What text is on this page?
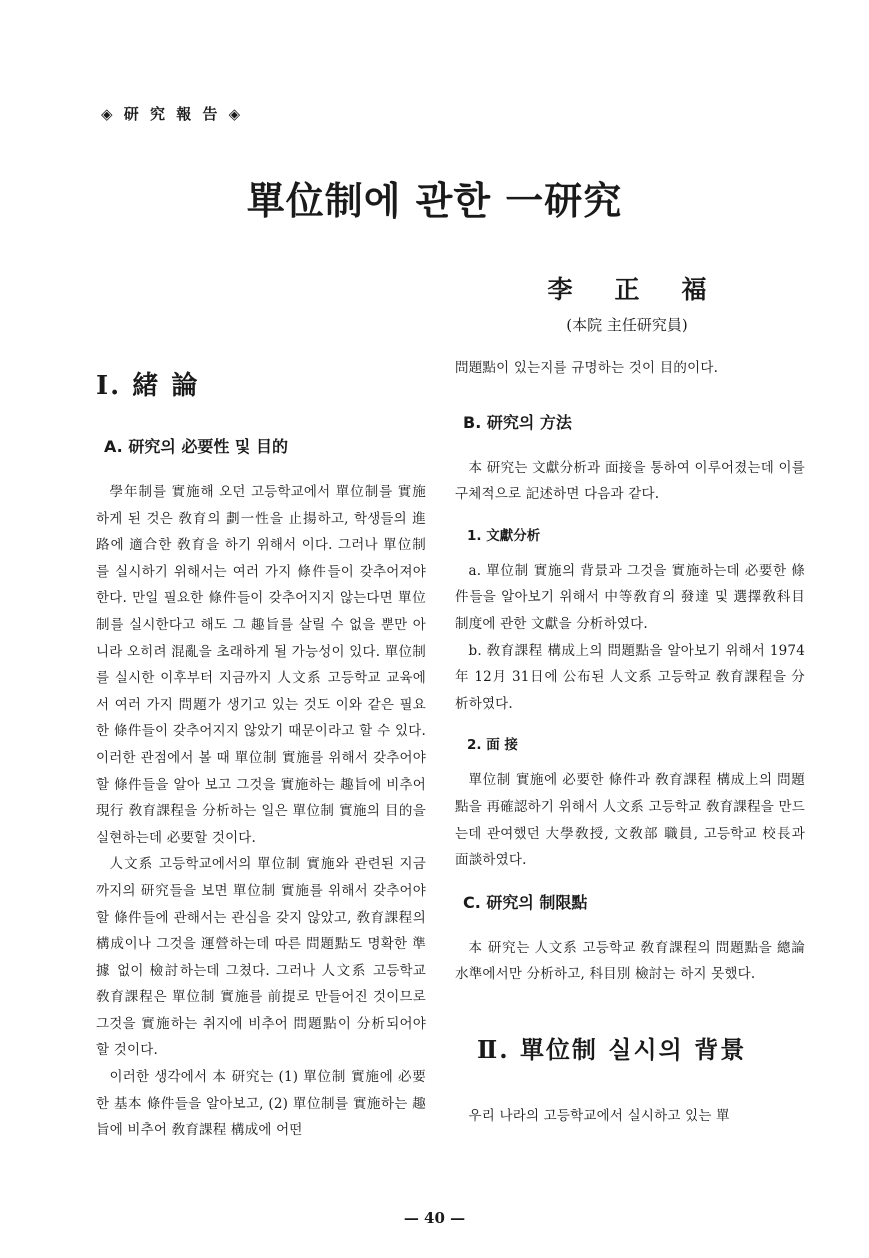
◈ 研 究 報 告 ◈
單位制에 관한 一研究
李正福
(本院 主任研究員)
Ⅰ. 緒 論
A. 研究의 必要性 및 目的

學年制를 實施해 오던 고등학교에서 單位制를 實施하게 된 것은 敎育의 劃一性을 止揚하고, 학생들의 進路에 適合한 敎育을 하기 위해서 이다. 그러나 單位制를 실시하기 위해서는 여러 가지 條件들이 갖추어져야 한다. 만일 필요한 條件들이 갖추어지지 않는다면 單位制를 실시한다고 해도 그 趣旨를 살릴 수 없을 뿐만 아니라 오히려 混亂을 초래하게 될 가능성이 있다. 單位制를 실시한 이후부터 지금까지 人文系 고등학교 교육에서 여러 가지 問題가 생기고 있는 것도 이와 같은 필요한 條件들이 갖추어지지 않았기 때문이라고 할 수 있다. 이러한 관점에서 볼 때 單位制 實施를 위해서 갖추어야 할 條件들을 알아 보고 그것을 實施하는 趣旨에 비추어 現行 敎育課程을 分析하는 일은 單位制 實施의 目的을 실현하는데 必要할 것이다.

人文系 고등학교에서의 單位制 實施와 관련된 지금까지의 研究들을 보면 單位制 實施를 위해서 갖추어야 할 條件들에 관해서는 관심을 갖지 않았고, 敎育課程의 構成이나 그것을 運營하는데 따른 問題點도 명확한 準據 없이 檢討하는데 그쳤다. 그러나 人文系 고등학교 敎育課程은 單位制 實施를 前提로 만들어진 것이므로 그것을 實施하는 취지에 비추어 問題點이 分析되어야 할 것이다.

이러한 생각에서 本 研究는 (1) 單位制 實施에 必要한 基本 條件들을 알아보고, (2) 單位制를 實施하는 趣旨에 비추어 敎育課程 構成에 어떤

問題點이 있는지를 규명하는 것이 目的이다.

B. 研究의 方法

本 研究는 文獻分析과 面接을 통하여 이루어졌는데 이를 구체적으로 記述하면 다음과 같다.

1. 文獻分析

a. 單位制 實施의 背景과 그것을 實施하는데 必要한 條件들을 알아보기 위해서 中等敎育의 發達 및 選擇敎科目制度에 관한 文獻을 分析하였다.

b. 敎育課程 構成上의 問題點을 알아보기 위해서 1974年 12月 31日에 公布된 人文系 고등학교 敎育課程을 分析하였다.

2. 面 接

單位制 實施에 必要한 條件과 敎育課程 構成上의 問題點을 再確認하기 위해서 人文系 고등학교 敎育課程을 만드는데 관여했던 大學敎授, 文敎部 職員, 고등학교 校長과 面談하였다.

C. 研究의 制限點

本 研究는 人文系 고등학교 敎育課程의 問題點을 總論水準에서만 分析하고, 科目別 檢討는 하지 못했다.

Ⅱ. 單位制 실시의 背景

우리 나라의 고등학교에서 실시하고 있는 單

— 40 —
